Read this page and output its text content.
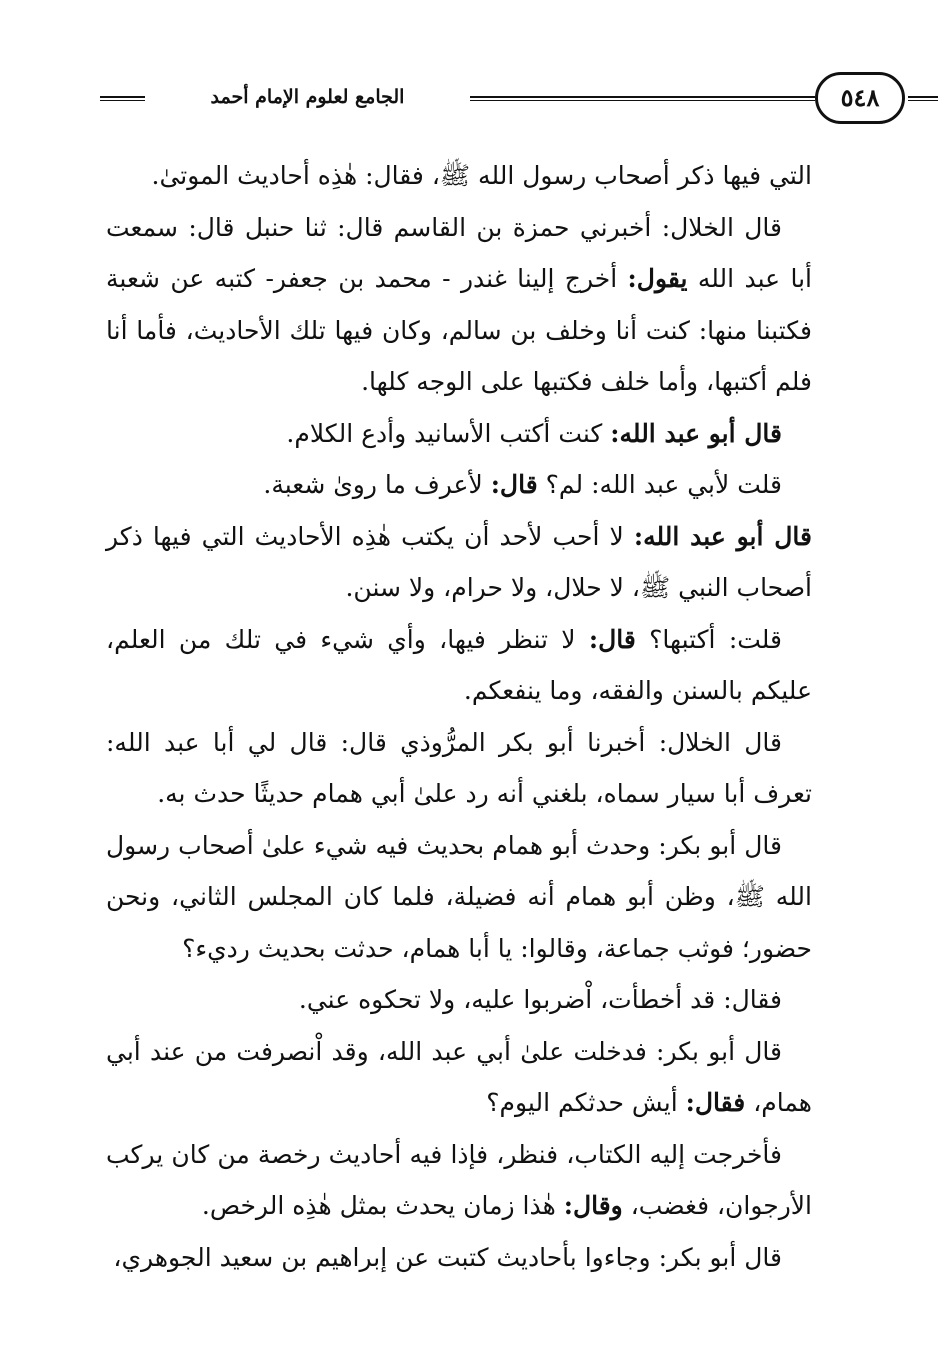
الجامع لعلوم الإمام أحمد	٥٤٨

التي فيها ذكر أصحاب رسول الله ﷺ، فقال: هٰذِه أحاديث الموتىٰ.

قال الخلال: أخبرني حمزة بن القاسم قال: ثنا حنبل قال: سمعت أبا عبد الله يقول: أخرج إلينا غندر - محمد بن جعفر- كتبه عن شعبة فكتبنا منها: كنت أنا وخلف بن سالم، وكان فيها تلك الأحاديث، فأما أنا فلم أكتبها، وأما خلف فكتبها على الوجه كلها.

قال أبو عبد الله: كنت أكتب الأسانيد وأدع الكلام.

قلت لأبي عبد الله: لم؟ قال: لأعرف ما روىٰ شعبة.

قال أبو عبد الله: لا أحب لأحد أن يكتب هٰذِه الأحاديث التي فيها ذكر أصحاب النبي ﷺ، لا حلال، ولا حرام، ولا سنن.

قلت: أكتبها؟ قال: لا تنظر فيها، وأي شيء في تلك من العلم، عليكم بالسنن والفقه، وما ينفعكم.

قال الخلال: أخبرنا أبو بكر المرُّوذي قال: قال لي أبا عبد الله: تعرف أبا سيار سماه، بلغني أنه رد علىٰ أبي همام حديثًا حدث به.

قال أبو بكر: وحدث أبو همام بحديث فيه شيء علىٰ أصحاب رسول الله ﷺ، وظن أبو همام أنه فضيلة، فلما كان المجلس الثاني، ونحن حضور؛ فوثب جماعة، وقالوا: يا أبا همام، حدثت بحديث رديء؟

فقال: قد أخطأت، اْضربوا عليه، ولا تحكوه عني.

قال أبو بكر: فدخلت علىٰ أبي عبد الله، وقد اْنصرفت من عند أبي همام، فقال: أيش حدثكم اليوم؟

فأخرجت إليه الكتاب، فنظر، فإذا فيه أحاديث رخصة من كان يركب الأرجوان، فغضب، وقال: هٰذا زمان يحدث بمثل هٰذِه الرخص.

قال أبو بكر: وجاءوا بأحاديث كتبت عن إبراهيم بن سعيد الجوهري،
